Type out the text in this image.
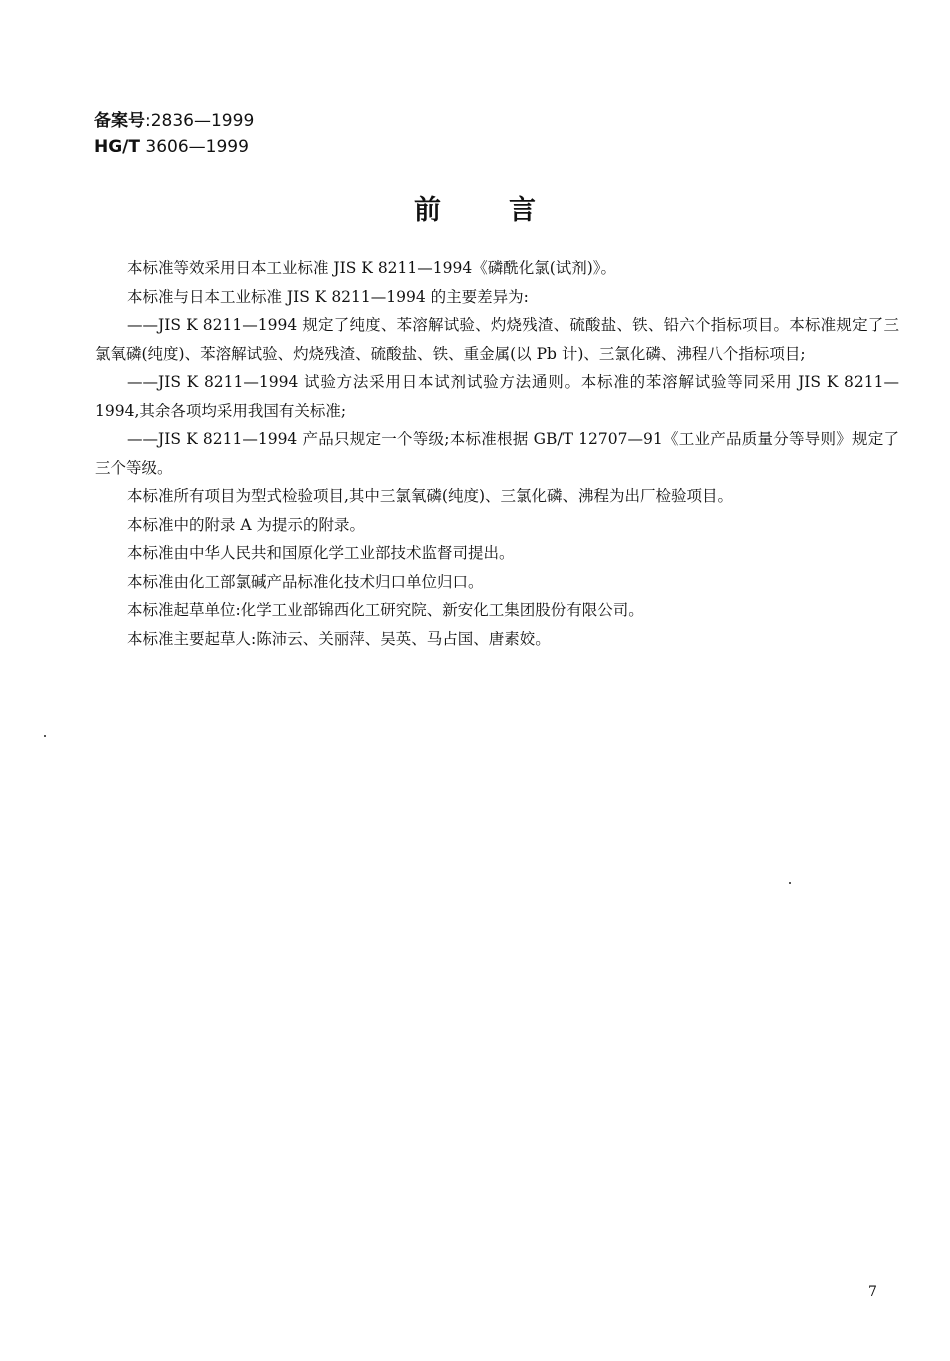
备案号:2836—1999
HG/T 3606—1999
前言

本标准等效采用日本工业标准 JIS K 8211—1994《磷酰化氯(试剂)》。

本标准与日本工业标准 JIS K 8211—1994 的主要差异为:

——JIS K 8211—1994 规定了纯度、苯溶解试验、灼烧残渣、硫酸盐、铁、铅六个指标项目。本标准规定了三氯氧磷(纯度)、苯溶解试验、灼烧残渣、硫酸盐、铁、重金属(以 Pb 计)、三氯化磷、沸程八个指标项目;

——JIS K 8211—1994 试验方法采用日本试剂试验方法通则。本标准的苯溶解试验等同采用 JIS K 8211—1994,其余各项均采用我国有关标准;

——JIS K 8211—1994 产品只规定一个等级;本标准根据 GB/T 12707—91《工业产品质量分等导则》规定了三个等级。

本标准所有项目为型式检验项目,其中三氯氧磷(纯度)、三氯化磷、沸程为出厂检验项目。

本标准中的附录 A 为提示的附录。

本标准由中华人民共和国原化学工业部技术监督司提出。

本标准由化工部氯碱产品标准化技术归口单位归口。

本标准起草单位:化学工业部锦西化工研究院、新安化工集团股份有限公司。

本标准主要起草人:陈沛云、关丽萍、吴英、马占国、唐素姣。

7
